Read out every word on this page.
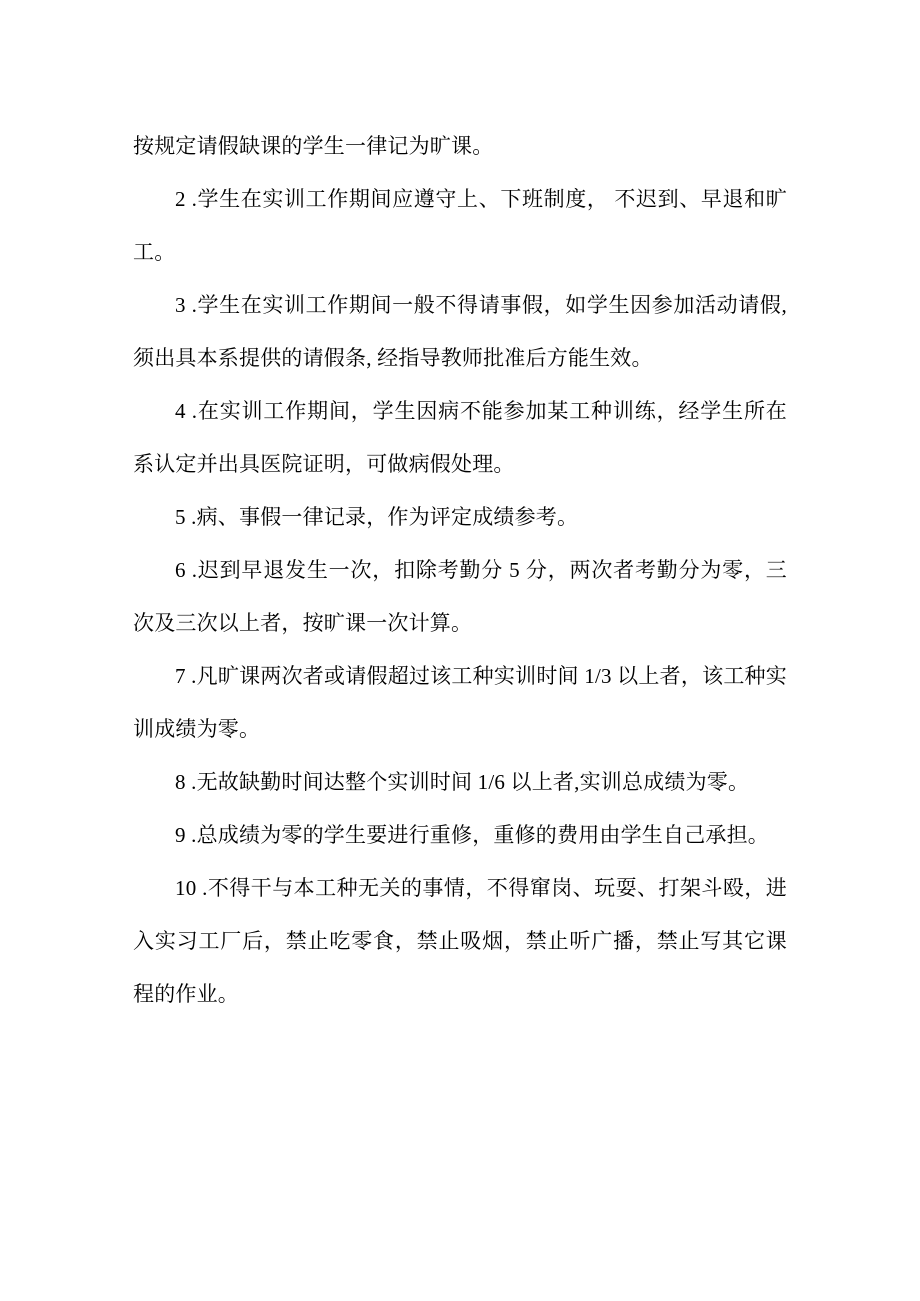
按规定请假缺课的学生一律记为旷课。

2 .学生在实训工作期间应遵守上、下班制度， 不迟到、早退和旷工。

3 .学生在实训工作期间一般不得请事假，如学生因参加活动请假, 须出具本系提供的请假条, 经指导教师批准后方能生效。

4 .在实训工作期间，学生因病不能参加某工种训练，经学生所在系认定并出具医院证明，可做病假处理。

5 .病、事假一律记录，作为评定成绩参考。

6 .迟到早退发生一次，扣除考勤分 5 分，两次者考勤分为零，三次及三次以上者，按旷课一次计算。

7 .凡旷课两次者或请假超过该工种实训时间 1/3 以上者，该工种实训成绩为零。

8 .无故缺勤时间达整个实训时间 1/6 以上者,实训总成绩为零。

9 .总成绩为零的学生要进行重修，重修的费用由学生自己承担。

10 .不得干与本工种无关的事情，不得窜岗、玩耍、打架斗殴，进入实习工厂后，禁止吃零食，禁止吸烟，禁止听广播，禁止写其它课程的作业。
